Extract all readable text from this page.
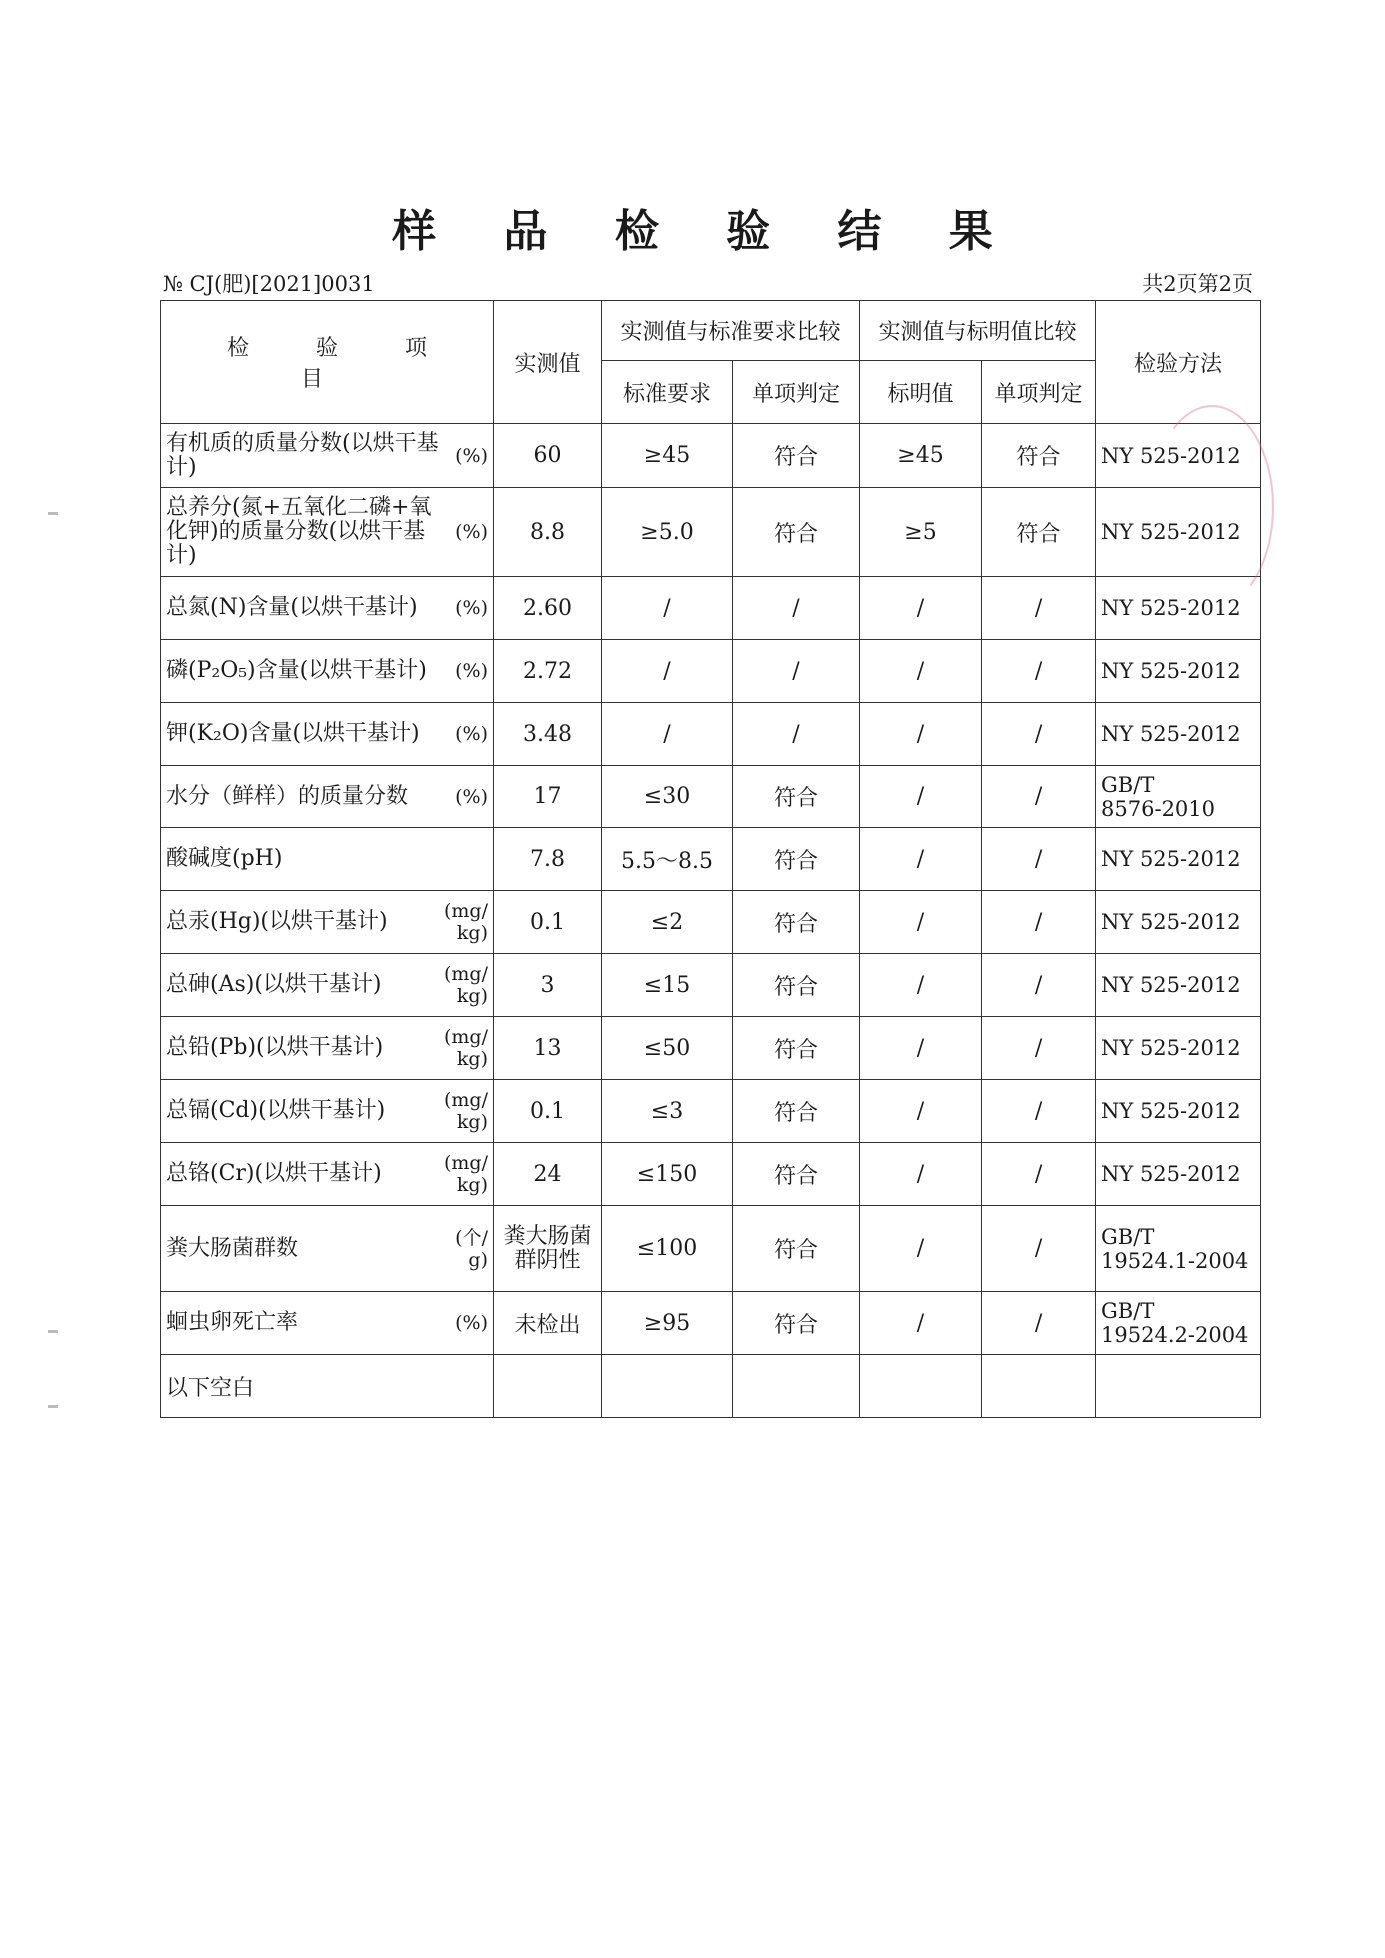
样 品 检 验 结 果
№ CJ(肥)[2021]0031	共2页第2页
检 验 项 目	实测值	实测值与标准要求比较		实测值与标明值比较		检验方法
		标准要求	单项判定	标明值	单项判定	

有机质的质量分数(以烘干基计) (%)	60	≥45	符合	≥45	符合	NY 525-2012

总养分(氮+五氧化二磷+氧化钾)的质量分数(以烘干基计)
(%)	8.8	≥5.0	符合	≥5	符合	NY 525-2012

总氮(N)含量(以烘干基计) (%)	2.60	/	/	/	/	NY 525-2012

磷(P₂O₅)含量(以烘干基计) (%)	2.72	/	/	/	/	NY 525-2012

钾(K₂O)含量(以烘干基计) (%)	3.48	/	/	/	/	NY 525-2012

水分（鲜样）的质量分数 (%)	17	≤30	符合	/	/	GB/T
8576-2010

酸碱度(pH)	7.8	5.5～8.5	符合	/	/	NY 525-2012

总汞(Hg)(以烘干基计) (mg/
kg)	0.1	≤2	符合	/	/	NY 525-2012

总砷(As)(以烘干基计) (mg/
kg)	3	≤15	符合	/	/	NY 525-2012

总铅(Pb)(以烘干基计) (mg/
kg)	13	≤50	符合	/	/	NY 525-2012

总镉(Cd)(以烘干基计) (mg/
kg)	0.1	≤3	符合	/	/	NY 525-2012

总铬(Cr)(以烘干基计) (mg/
kg)	24	≤150	符合	/	/	NY 525-2012

粪大肠菌群数 (个/
g)	粪大肠菌群阴性	≤100	符合	/	/	GB/T
19524.1-2004

蛔虫卵死亡率 (%)	未检出	≥95	符合	/	/	GB/T
19524.2-2004
以下空白						
